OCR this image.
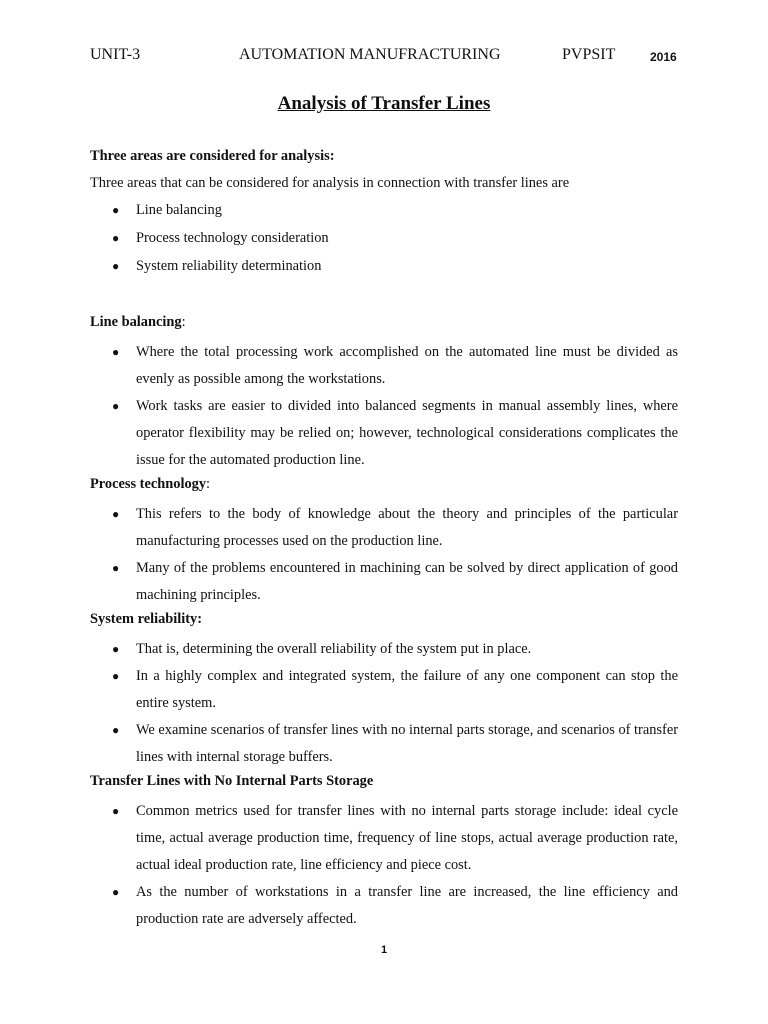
UNIT-3	AUTOMATION MANUFRACTURING	PVPSIT	2016
Analysis of Transfer Lines
Three areas are considered for analysis:
Three areas that can be considered for analysis in connection with transfer lines are
● Line balancing
● Process technology consideration
● System reliability determination
Line balancing:
● Where the total processing work accomplished on the automated line must be divided as evenly as possible among the workstations.
● Work tasks are easier to divided into balanced segments in manual assembly lines, where operator flexibility may be relied on; however, technological considerations complicates the issue for the automated production line.
Process technology:
● This refers to the body of knowledge about the theory and principles of the particular manufacturing processes used on the production line.
● Many of the problems encountered in machining can be solved by direct application of good machining principles.
System reliability:
● That is, determining the overall reliability of the system put in place.
● In a highly complex and integrated system, the failure of any one component can stop the entire system.
● We examine scenarios of transfer lines with no internal parts storage, and scenarios of transfer lines with internal storage buffers.
Transfer Lines with No Internal Parts Storage
● Common metrics used for transfer lines with no internal parts storage include: ideal cycle time, actual average production time, frequency of line stops, actual average production rate, actual ideal production rate, line efficiency and piece cost.
● As the number of workstations in a transfer line are increased, the line efficiency and production rate are adversely affected.
1
